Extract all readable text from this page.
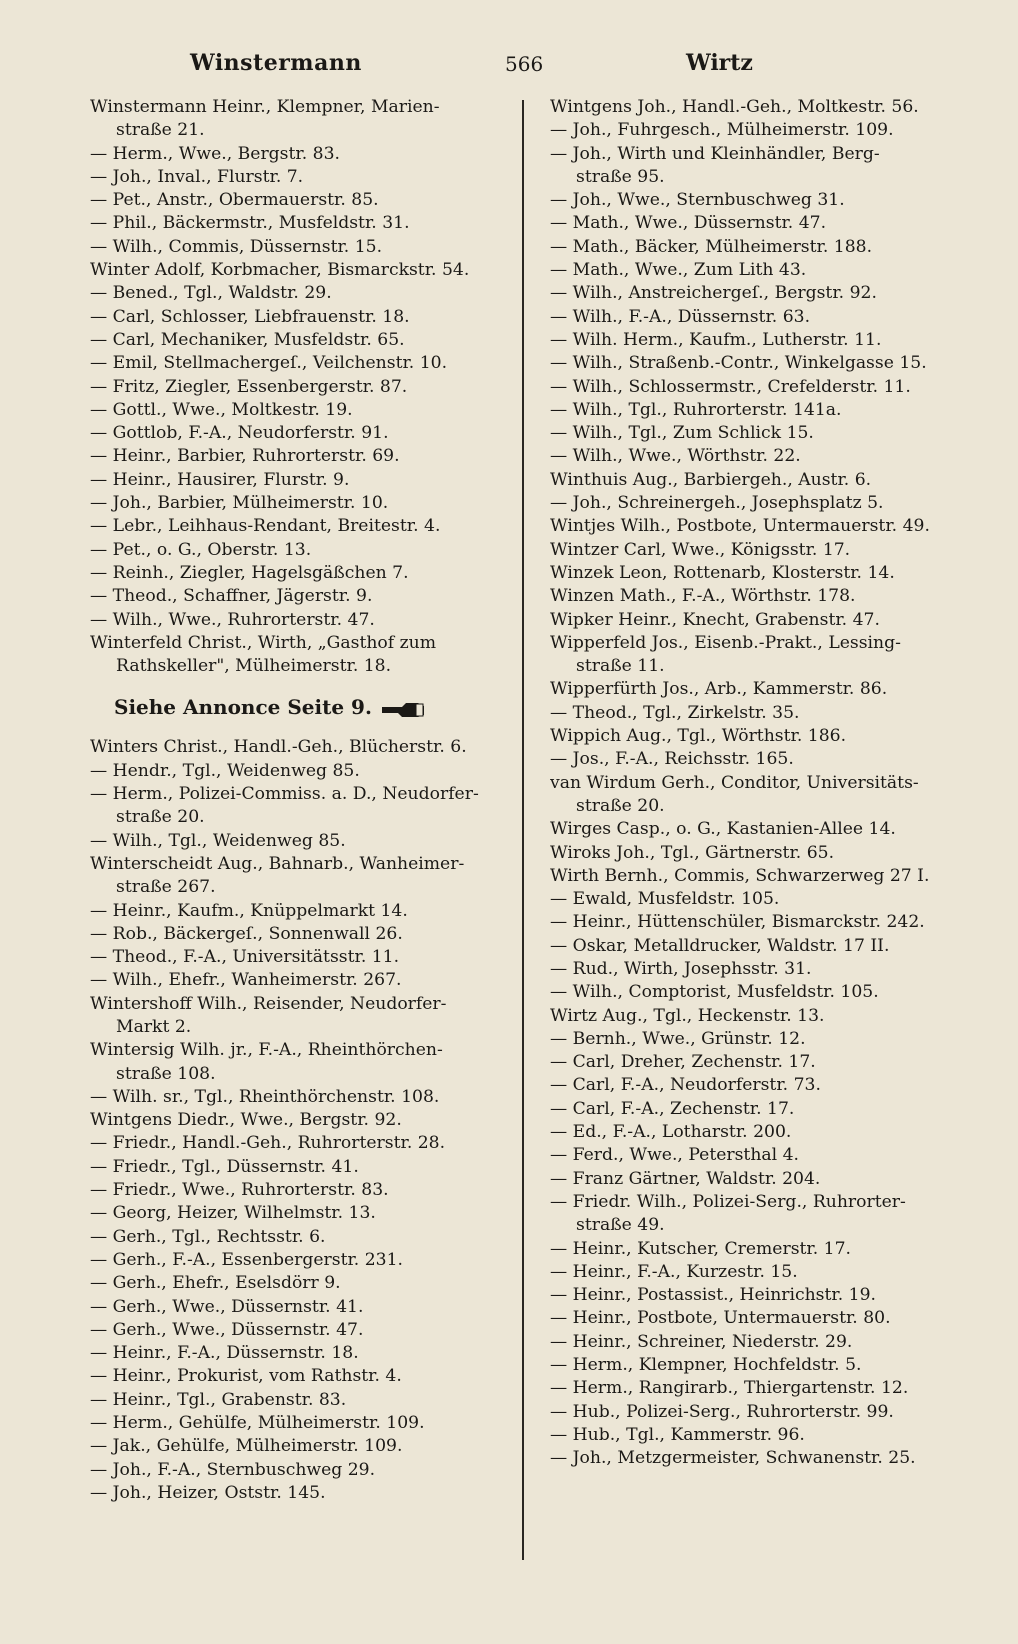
Winstermann	566	Wirtz
Winstermann Heinr., Klempner, Marien-
straße 21.
— Herm., Wwe., Bergstr. 83.
— Joh., Inval., Flurstr. 7.
— Pet., Anstr., Obermauerstr. 85.
— Phil., Bäckermstr., Musfeldstr. 31.
— Wilh., Commis, Düssernstr. 15.
Winter Adolf, Korbmacher, Bismarckstr. 54.
— Bened., Tgl., Waldstr. 29.
— Carl, Schlosser, Liebfrauenstr. 18.
— Carl, Mechaniker, Musfeldstr. 65.
— Emil, Stellmachergeſ., Veilchenstr. 10.
— Fritz, Ziegler, Essenbergerstr. 87.
— Gottl., Wwe., Moltkestr. 19.
— Gottlob, F.-A., Neudorferstr. 91.
— Heinr., Barbier, Ruhrorterstr. 69.
— Heinr., Hausirer, Flurstr. 9.
— Joh., Barbier, Mülheimerstr. 10.
— Lebr., Leihhaus-Rendant, Breitestr. 4.
— Pet., o. G., Oberstr. 13.
— Reinh., Ziegler, Hagelsgäßchen 7.
— Theod., Schaffner, Jägerstr. 9.
— Wilh., Wwe., Ruhrorterstr. 47.
Winterfeld Christ., Wirth, „Gasthof zum
Rathskeller", Mülheimerstr. 18.
Siehe Annonce Seite 9.
Winters Christ., Handl.-Geh., Blücherstr. 6.
— Hendr., Tgl., Weidenweg 85.
— Herm., Polizei-Commiss. a. D., Neudorfer-
straße 20.
— Wilh., Tgl., Weidenweg 85.
Winterscheidt Aug., Bahnarb., Wanheimer-
straße 267.
— Heinr., Kaufm., Knüppelmarkt 14.
— Rob., Bäckergeſ., Sonnenwall 26.
— Theod., F.-A., Universitätsstr. 11.
— Wilh., Ehefr., Wanheimerstr. 267.
Wintershoff Wilh., Reisender, Neudorfer-
Markt 2.
Wintersig Wilh. jr., F.-A., Rheinthörchen-
straße 108.
— Wilh. sr., Tgl., Rheinthörchenstr. 108.
Wintgens Diedr., Wwe., Bergstr. 92.
— Friedr., Handl.-Geh., Ruhrorterstr. 28.
— Friedr., Tgl., Düssernstr. 41.
— Friedr., Wwe., Ruhrorterstr. 83.
— Georg, Heizer, Wilhelmstr. 13.
— Gerh., Tgl., Rechtsstr. 6.
— Gerh., F.-A., Essenbergerstr. 231.
— Gerh., Ehefr., Eselsdörr 9.
— Gerh., Wwe., Düssernstr. 41.
— Gerh., Wwe., Düssernstr. 47.
— Heinr., F.-A., Düssernstr. 18.
— Heinr., Prokurist, vom Rathstr. 4.
— Heinr., Tgl., Grabenstr. 83.
— Herm., Gehülfe, Mülheimerstr. 109.
— Jak., Gehülfe, Mülheimerstr. 109.
— Joh., F.-A., Sternbuschweg 29.
— Joh., Heizer, Oststr. 145.
Wintgens Joh., Handl.-Geh., Moltkestr. 56.
— Joh., Fuhrgesch., Mülheimerstr. 109.
— Joh., Wirth und Kleinhändler, Berg-
straße 95.
— Joh., Wwe., Sternbuschweg 31.
— Math., Wwe., Düssernstr. 47.
— Math., Bäcker, Mülheimerstr. 188.
— Math., Wwe., Zum Lith 43.
— Wilh., Anstreichergeſ., Bergstr. 92.
— Wilh., F.-A., Düssernstr. 63.
— Wilh. Herm., Kaufm., Lutherstr. 11.
— Wilh., Straßenb.-Contr., Winkelgasse 15.
— Wilh., Schlossermstr., Crefelderstr. 11.
— Wilh., Tgl., Ruhrorterstr. 141a.
— Wilh., Tgl., Zum Schlick 15.
— Wilh., Wwe., Wörthstr. 22.
Winthuis Aug., Barbiergeh., Austr. 6.
— Joh., Schreinergeh., Josephsplatz 5.
Wintjes Wilh., Postbote, Untermauerstr. 49.
Wintzer Carl, Wwe., Königsstr. 17.
Winzek Leon, Rottenarb, Klosterstr. 14.
Winzen Math., F.-A., Wörthstr. 178.
Wipker Heinr., Knecht, Grabenstr. 47.
Wipperfeld Jos., Eisenb.-Prakt., Lessing-
straße 11.
Wipperfürth Jos., Arb., Kammerstr. 86.
— Theod., Tgl., Zirkelstr. 35.
Wippich Aug., Tgl., Wörthstr. 186.
— Jos., F.-A., Reichsstr. 165.
van Wirdum Gerh., Conditor, Universitäts-
straße 20.
Wirges Casp., o. G., Kastanien-Allee 14.
Wiroks Joh., Tgl., Gärtnerstr. 65.
Wirth Bernh., Commis, Schwarzerweg 27 I.
— Ewald, Musfeldstr. 105.
— Heinr., Hüttenschüler, Bismarckstr. 242.
— Oskar, Metalldrucker, Waldstr. 17 II.
— Rud., Wirth, Josephsstr. 31.
— Wilh., Comptorist, Musfeldstr. 105.
Wirtz Aug., Tgl., Heckenstr. 13.
— Bernh., Wwe., Grünstr. 12.
— Carl, Dreher, Zechenstr. 17.
— Carl, F.-A., Neudorferstr. 73.
— Carl, F.-A., Zechenstr. 17.
— Ed., F.-A., Lotharstr. 200.
— Ferd., Wwe., Petersthal 4.
— Franz Gärtner, Waldstr. 204.
— Friedr. Wilh., Polizei-Serg., Ruhrorter-
straße 49.
— Heinr., Kutscher, Cremerstr. 17.
— Heinr., F.-A., Kurzestr. 15.
— Heinr., Postassist., Heinrichstr. 19.
— Heinr., Postbote, Untermauerstr. 80.
— Heinr., Schreiner, Niederstr. 29.
— Herm., Klempner, Hochfeldstr. 5.
— Herm., Rangirarb., Thiergartenstr. 12.
— Hub., Polizei-Serg., Ruhrorterstr. 99.
— Hub., Tgl., Kammerstr. 96.
— Joh., Metzgermeister, Schwanenstr. 25.
